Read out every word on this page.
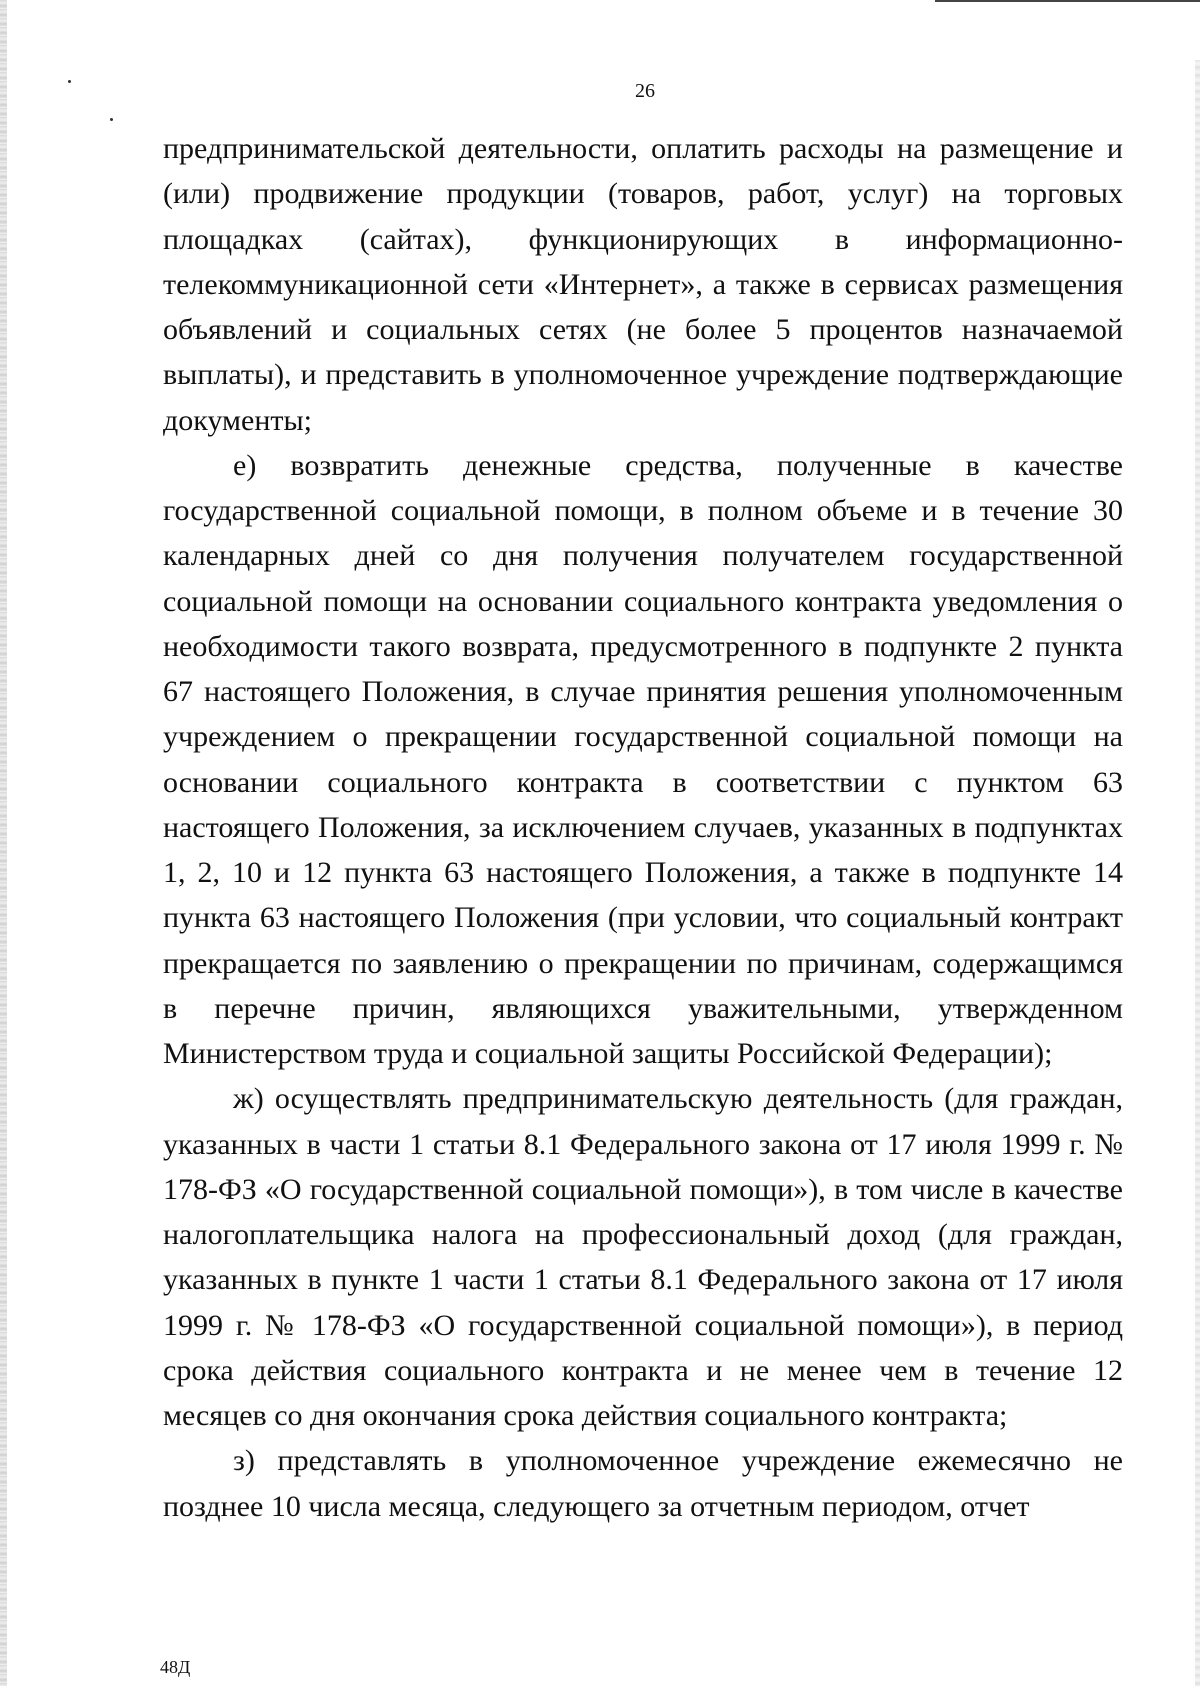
26

предпринимательской деятельности, оплатить расходы на размещение и (или) продвижение продукции (товаров, работ, услуг) на торговых площадках (сайтах), функционирующих в информационно-телекоммуникационной сети «Интернет», а также в сервисах размещения объявлений и социальных сетях (не более 5 процентов назначаемой выплаты), и представить в уполномоченное учреждение подтверждающие документы;

е) возвратить денежные средства, полученные в качестве государственной социальной помощи, в полном объеме и в течение 30 календарных дней со дня получения получателем государственной социальной помощи на основании социального контракта уведомления о необходимости такого возврата, предусмотренного в подпункте 2 пункта 67 настоящего Положения, в случае принятия решения уполномоченным учреждением о прекращении государственной социальной помощи на основании социального контракта в соответствии с пунктом 63 настоящего Положения, за исключением случаев, указанных в подпунктах 1, 2, 10 и 12 пункта 63 настоящего Положения, а также в подпункте 14 пункта 63 настоящего Положения (при условии, что социальный контракт прекращается по заявлению о прекращении по причинам, содержащимся в перечне причин, являющихся уважительными, утвержденном Министерством труда и социальной защиты Российской Федерации);

ж) осуществлять предпринимательскую деятельность (для граждан, указанных в части 1 статьи 8.1 Федерального закона от 17 июля 1999 г. № 178-ФЗ «О государственной социальной помощи»), в том числе в качестве налогоплательщика налога на профессиональный доход (для граждан, указанных в пункте 1 части 1 статьи 8.1 Федерального закона от 17 июля 1999 г. № 178-ФЗ «О государственной социальной помощи»), в период срока действия социального контракта и не менее чем в течение 12 месяцев со дня окончания срока действия социального контракта;

з) представлять в уполномоченное учреждение ежемесячно не позднее 10 числа месяца, следующего за отчетным периодом, отчет

48Д
